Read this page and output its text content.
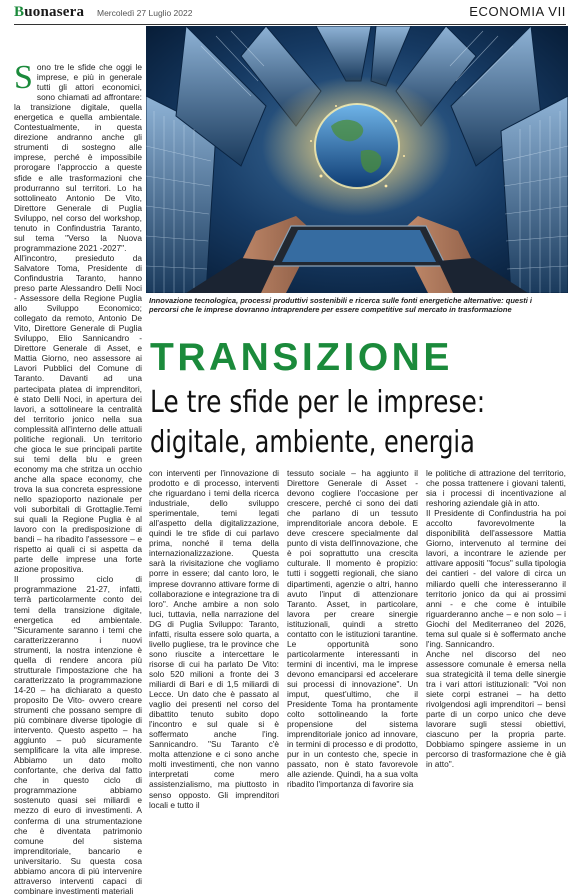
Buonasera Mercoledì 27 Luglio 2022	ECONOMIA VII
Innovazione tecnologica, processi produttivi sostenibili e ricerca sulle fonti energetiche alternative: questi i percorsi che le imprese dovranno intraprendere per essere competitive sul mercato in trasformazione
TRANSIZIONE
Le tre sfide per le imprese:
digitale, ambiente, energia
S ono tre le sfide che oggi le imprese, e più in generale tutti gli attori economici, sono chiamati ad affrontare: la transizione digitale, quella energetica e quella ambientale. Contestualmente, in questa direzione andranno anche gli strumenti di sostegno alle imprese, perché è impossibile prorogare l'approccio a queste sfide e alle trasformazioni che produrranno sul territori. Lo ha sottolineato Antonio De Vito, Direttore Generale di Puglia Sviluppo, nel corso del workshop, tenuto in Confindustria Taranto, sul tema "Verso la Nuova programmazione 2021 -2027".

All'incontro, presieduto da Salvatore Toma, Presidente di Confindustria Taranto, hanno preso parte Alessandro Delli Noci - Assessore della Regione Puglia allo Sviluppo Economico; collegato da remoto, Antonio De Vito, Direttore Generale di Puglia Sviluppo, Elio Sannicandro - Direttore Generale di Asset, e Mattia Giorno, neo assessore ai Lavori Pubblici del Comune di Taranto. Davanti ad una partecipata platea di imprenditori, è stato Delli Noci, in apertura dei lavori, a sottolineare la centralità del territorio jonico nella sua complessità all'interno delle attuali politiche regionali. Un territorio che gioca le sue principali partite sui temi della blu e green economy ma che stritza un occhio anche alla space economy, che trova la sua concreta espressione nello spazioporto nazionale per voli suborbitali di Grottaglie.Temi sui quali la Regione Puglia è al lavoro con la predisposizione di bandi – ha ribadito l'assessore – e rispetto ai quali ci si aspetta da parte delle imprese una forte azione propositiva.

Il prossimo ciclo di programmazione 21-27, infatti, terrà particolarmente conto dei temi della transizione digitale, energetica ed ambientale. "Sicuramente saranno i temi che caratterizzeranno i nuovi strumenti, la nostra intenzione è quella di rendere ancora più strutturale l'impostazione che ha caratterizzato la programmazione 14-20 – ha dichiarato a questo proposito De Vito- ovvero creare strumenti che possano sempre di più combinare diverse tipologie di intervento. Questo aspetto – ha aggiunto – può sicuramente semplificare la vita alle imprese. Abbiamo un dato molto confortante, che deriva dal fatto che in questo ciclo di programmazione abbiamo sostenuto quasi sei miliardi e mezzo di euro di investimenti. A conferma di una strumentazione che è diventata patrimonio comune del sistema imprenditoriale, bancario e universitario. Su questa cosa abbiamo ancora di più intervenire attraverso interventi capaci di combinare investimenti materiali

con interventi per l'innovazione di prodotto e di processo, interventi che riguardano i temi della ricerca industriale, dello sviluppo sperimentale, temi legati all'aspetto della digitalizzazione, quindi le tre sfide di cui parlavo prima, nonché il tema della internazionalizzazione. Questa sarà la rivisitazione che vogliamo porre in essere; dal canto loro, le imprese dovranno attivare forme di collaborazione e integrazione tra di loro". Anche ambire a non solo luci, tuttavia, nella narrazione del DG di Puglia Sviluppo: Taranto, infatti, risulta essere solo quarta, a livello pugliese, tra le province che sono riuscite a intercettare le risorse di cui ha parlato De Vito: solo 520 milioni a fronte dei 3 miliardi di Bari e di 1,5 miliardi di Lecce. Un dato che è passato al vaglio dei presenti nel corso del dibattito tenuto subito dopo l'incontro e sul quale si è soffermato anche l'ing. Sannicandro. "Su Taranto c'è molta attenzione e ci sono anche molti investimenti, che non vanno interpretati come mero assistenzialismo, ma piuttosto in senso opposto. Gli imprenditori locali e tutto il

tessuto sociale – ha aggiunto il Direttore Generale di Asset - devono cogliere l'occasione per crescere, perché ci sono dei dati che parlano di un tessuto imprenditoriale ancora debole. E deve crescere specialmente dal punto di vista dell'innovazione, che è poi soprattutto una crescita culturale. Il momento è propizio: tutti i soggetti regionali, che siano dipartimenti, agenzie o altri, hanno avuto l'input di attenzionare Taranto. Asset, in particolare, lavora per creare sinergie istituzionali, quindi a stretto contatto con le istituzioni tarantine. Le opportunità sono particolarmente interessanti in termini di incentivi, ma le imprese devono emanciparsi ed accelerare sui processi di innovazione". Un imput, quest'ultimo, che il Presidente Toma ha prontamente colto sottolineando la forte propensione del sistema imprenditoriale jonico ad innovare, in termini di processo e di prodotto, pur in un contesto che, specie in passato, non è stato favorevole alle aziende. Quindi, ha a sua volta ribadito l'importanza di favorire sia

le politiche di attrazione del territorio, che possa trattenere i giovani talenti, sia i processi di incentivazione al reshoring aziendale già in atto.

Il Presidente di Confindustria ha poi accolto favorevolmente la disponibilità dell'assessore Mattia Giorno, intervenuto al termine dei lavori, a incontrare le aziende per attivare appositi "focus" sulla tipologia dei cantieri - del valore di circa un miliardo quelli che interesseranno il territorio jonico da qui ai prossimi anni - e che come è intuibile riguarderanno anche – e non solo – i Giochi del Mediterraneo del 2026, tema sul quale si è soffermato anche l'ing. Sannicandro.

Anche nel discorso del neo assessore comunale è emersa nella sua strategicità il tema delle sinergie tra i vari attori istituzionali: "Voi non siete corpi estranei – ha detto rivolgendosi agli imprenditori – bensì parte di un corpo unico che deve lavorare sugli stessi obiettivi, ciascuno per la propria parte. Dobbiamo spingere assieme in un percorso di trasformazione che è già in atto".
